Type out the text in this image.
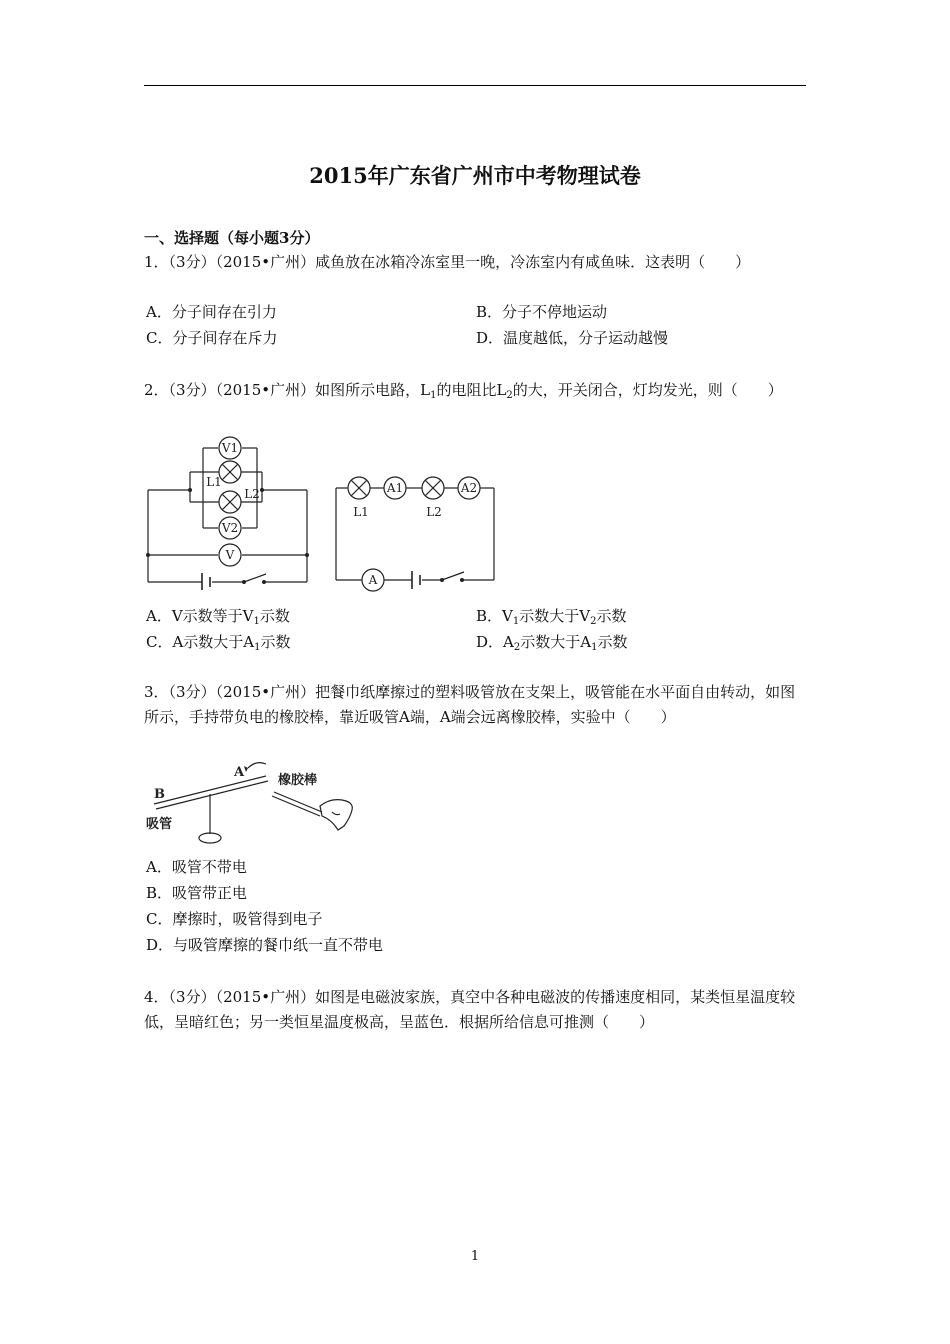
2015年广东省广州市中考物理试卷
一、选择题（每小题3分）
1．（3分）（2015•广州）咸鱼放在冰箱冷冻室里一晚，冷冻室内有咸鱼味．这表明（　　）
A．分子间存在引力	B．分子不停地运动
C．分子间存在斥力	D．温度越低，分子运动越慢
2．（3分）（2015•广州）如图所示电路，$L_1$的电阻比$L_2$的大，开关闭合，灯均发光，则（　　）
V1
V2
V
L1
L2	A1	A2
A
L1	L2
A．V示数等于$V_1$示数	B．$V_1$示数大于$V_2$示数
C．A示数大于$A_1$示数	D．$A_2$示数大于$A_1$示数
3．（3分）（2015•广州）把餐巾纸摩擦过的塑料吸管放在支架上，吸管能在水平面自由转动，如图所示，手持带负电的橡胶棒，靠近吸管A端，A端会远离橡胶棒，实验中（　　）
B
A
吸管
橡胶棒
A．吸管不带电
B．吸管带正电
C．摩擦时，吸管得到电子
D．与吸管摩擦的餐巾纸一直不带电
4．（3分）（2015•广州）如图是电磁波家族，真空中各种电磁波的传播速度相同，某类恒星温度较低，呈暗红色；另一类恒星温度极高，呈蓝色．根据所给信息可推测（　　）
1
